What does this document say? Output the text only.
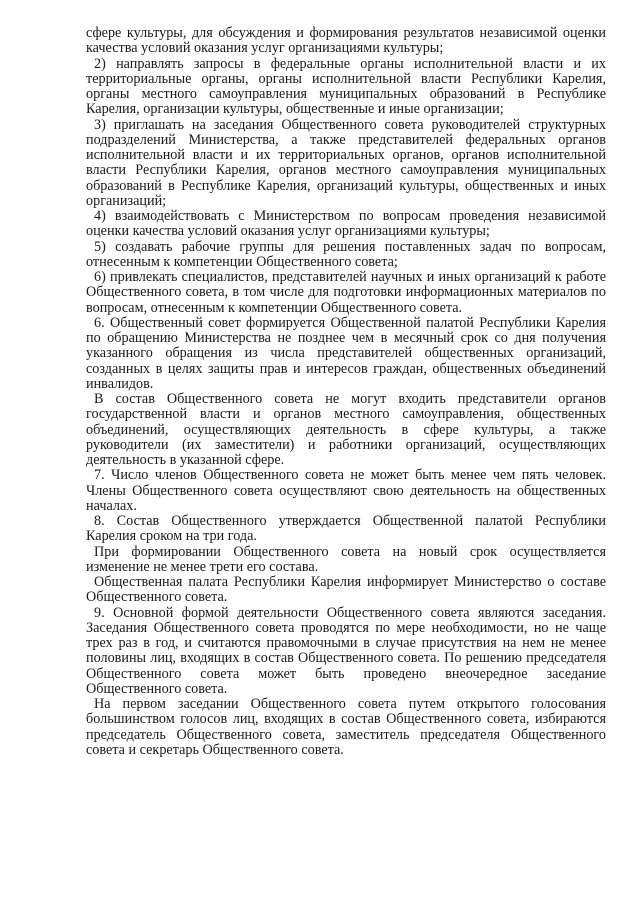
сфере культуры, для обсуждения и формирования результатов независимой оценки качества условий оказания услуг организациями культуры;

2) направлять запросы в федеральные органы исполнительной власти и их территориальные органы, органы исполнительной власти Республики Карелия, органы местного самоуправления муниципальных образований в Республике Карелия, организации культуры, общественные и иные организации;

3) приглашать на заседания Общественного совета руководителей структурных подразделений Министерства, а также представителей федеральных органов исполнительной власти и их территориальных органов, органов исполнительной власти Республики Карелия, органов местного самоуправления муниципальных образований в Республике Карелия, организаций культуры, общественных и иных организаций;

4) взаимодействовать с Министерством по вопросам проведения независимой оценки качества условий оказания услуг организациями культуры;

5) создавать рабочие группы для решения поставленных задач по вопросам, отнесенным к компетенции Общественного совета;

6) привлекать специалистов, представителей научных и иных организаций к работе Общественного совета, в том числе для подготовки информационных материалов по вопросам, отнесенным к компетенции Общественного совета.

6. Общественный совет формируется Общественной палатой Республики Карелия по обращению Министерства не позднее чем в месячный срок со дня получения указанного обращения из числа представителей общественных организаций, созданных в целях защиты прав и интересов граждан, общественных объединений инвалидов.

В состав Общественного совета не могут входить представители органов государственной власти и органов местного самоуправления, общественных объединений, осуществляющих деятельность в сфере культуры, а также руководители (их заместители) и работники организаций, осуществляющих деятельность в указанной сфере.

7. Число членов Общественного совета не может быть менее чем пять человек. Члены Общественного совета осуществляют свою деятельность на общественных началах.

8. Состав Общественного утверждается Общественной палатой Республики Карелия сроком на три года.

При формировании Общественного совета на новый срок осуществляется изменение не менее трети его состава.

Общественная палата Республики Карелия информирует Министерство о составе Общественного совета.

9. Основной формой деятельности Общественного совета являются заседания. Заседания Общественного совета проводятся по мере необходимости, но не чаще трех раз в год, и считаются правомочными в случае присутствия на нем не менее половины лиц, входящих в состав Общественного совета. По решению председателя Общественного совета может быть проведено внеочередное заседание Общественного совета.

На первом заседании Общественного совета путем открытого голосования большинством голосов лиц, входящих в состав Общественного совета, избираются председатель Общественного совета, заместитель председателя Общественного совета и секретарь Общественного совета.
